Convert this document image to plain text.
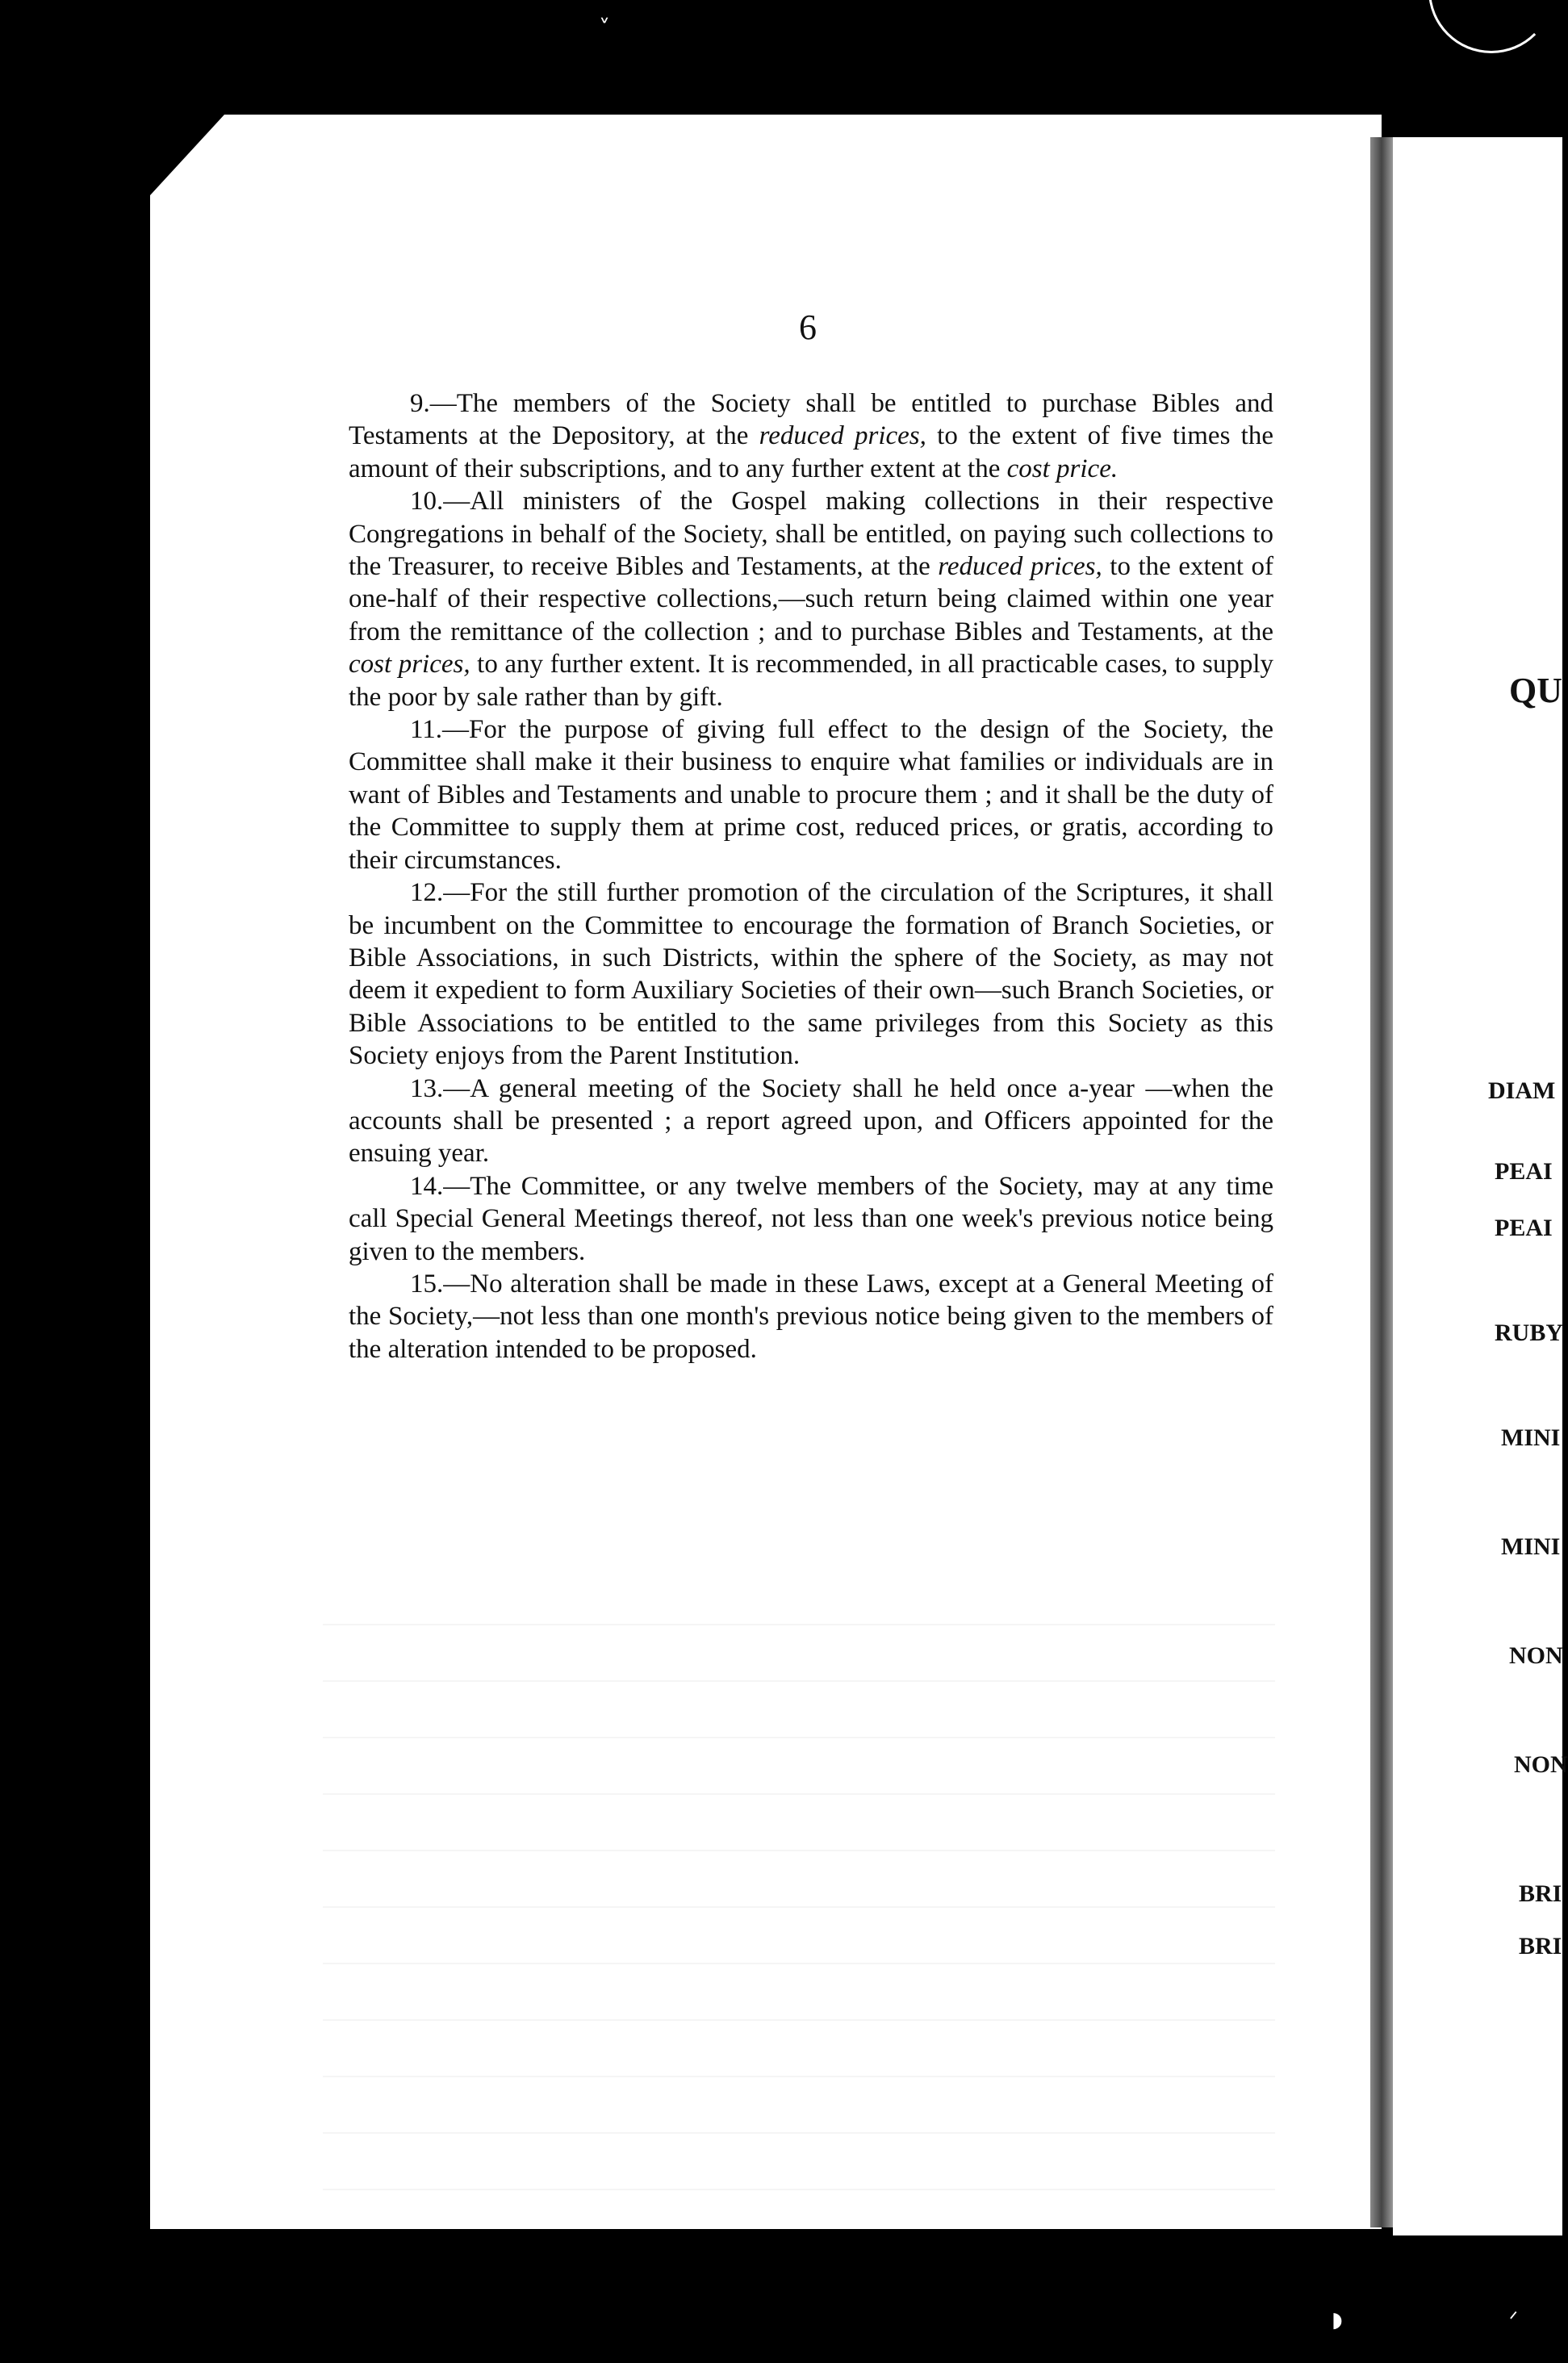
6

9.—The members of the Society shall be entitled to purchase Bibles and Testaments at the Depository, at the reduced prices, to the extent of five times the amount of their subscriptions, and to any further extent at the cost price.

10.—All ministers of the Gospel making collections in their respective Congregations in behalf of the Society, shall be entitled, on paying such collections to the Treasurer, to receive Bibles and Testaments, at the reduced prices, to the extent of one-half of their respective collections,—such return being claimed within one year from the remittance of the collection ; and to purchase Bibles and Testaments, at the cost prices, to any further extent. It is recommended, in all practicable cases, to supply the poor by sale rather than by gift.

11.—For the purpose of giving full effect to the design of the Society, the Committee shall make it their business to enquire what families or individuals are in want of Bibles and Testaments and unable to procure them ; and it shall be the duty of the Committee to supply them at prime cost, reduced prices, or gratis, according to their circumstances.

12.—For the still further promotion of the circulation of the Scriptures, it shall be incumbent on the Committee to encourage the formation of Branch Societies, or Bible Associations, in such Districts, within the sphere of the Society, as may not deem it expedient to form Auxiliary Societies of their own—such Branch Societies, or Bible Associations to be entitled to the same privileges from this Society as this Society enjoys from the Parent Institution.

13.—A general meeting of the Society shall he held once a-year —when the accounts shall be presented ; a report agreed upon, and Officers appointed for the ensuing year.

14.—The Committee, or any twelve members of the Society, may at any time call Special General Meetings thereof, not less than one week's previous notice being given to the members.

15.—No alteration shall be made in these Laws, except at a General Meeting of the Society,—not less than one month's previous notice being given to the members of the alteration intended to be proposed.

QU
DIAM
PEAI
PEAI
RUBY
MINI
MINI
NON
NON
BRI
BRI
˅
◗	ᐟ
